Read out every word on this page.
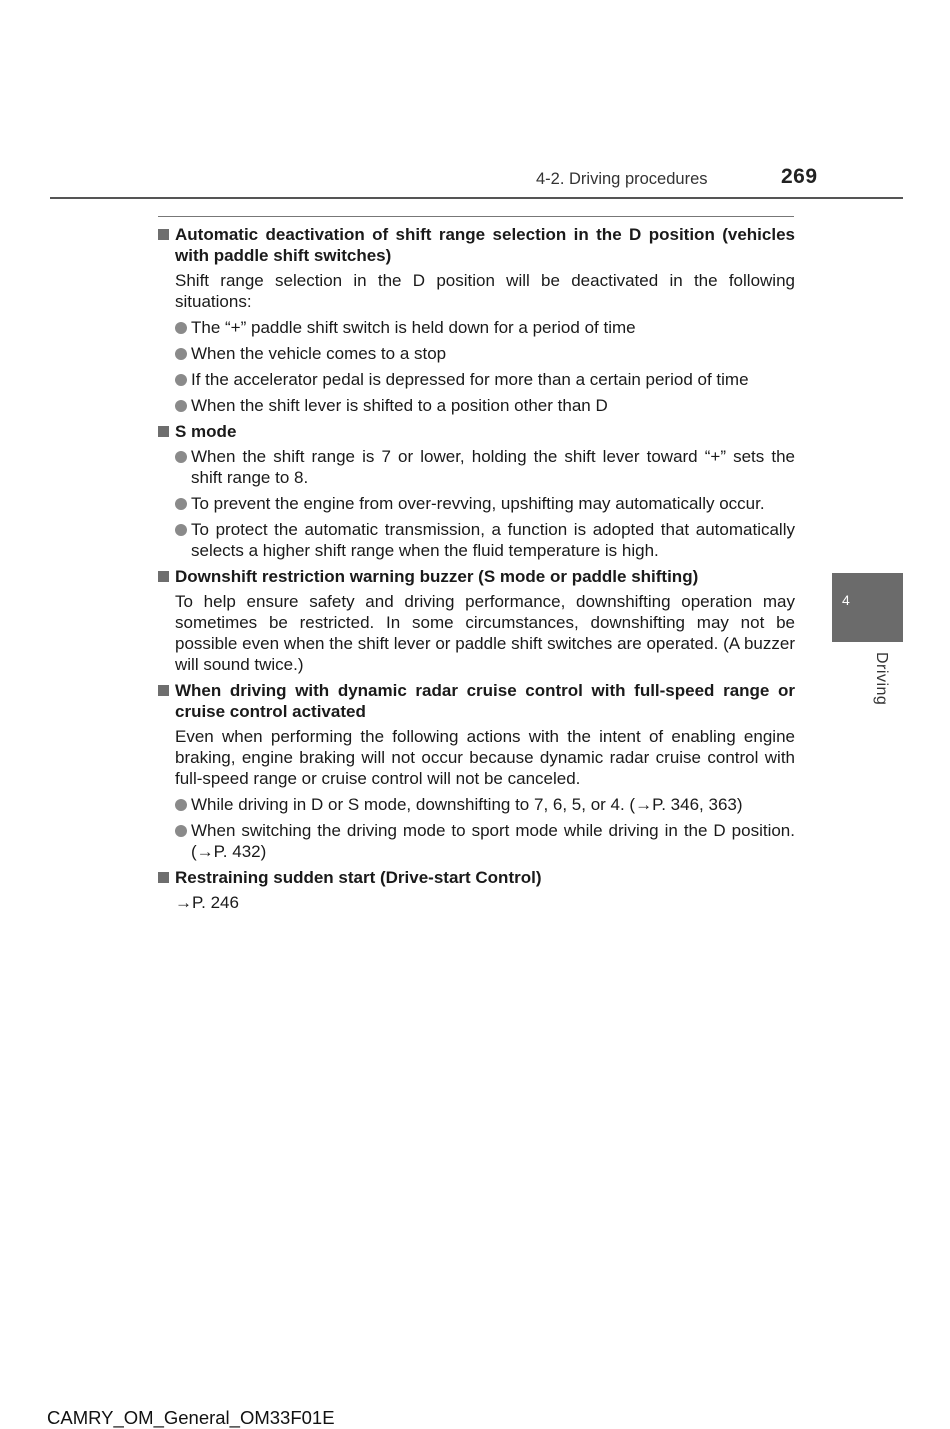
4-2. Driving procedures	269
Automatic deactivation of shift range selection in the D position (vehicles with paddle shift switches)
Shift range selection in the D position will be deactivated in the following situations:
The “+” paddle shift switch is held down for a period of time
When the vehicle comes to a stop
If the accelerator pedal is depressed for more than a certain period of time
When the shift lever is shifted to a position other than D
S mode
When the shift range is 7 or lower, holding the shift lever toward “+” sets the shift range to 8.
To prevent the engine from over-revving, upshifting may automatically occur.
To protect the automatic transmission, a function is adopted that automatically selects a higher shift range when the fluid temperature is high.
Downshift restriction warning buzzer (S mode or paddle shifting)
To help ensure safety and driving performance, downshifting operation may sometimes be restricted. In some circumstances, downshifting may not be possible even when the shift lever or paddle shift switches are operated. (A buzzer will sound twice.)
When driving with dynamic radar cruise control with full-speed range or cruise control activated
Even when performing the following actions with the intent of enabling engine braking, engine braking will not occur because dynamic radar cruise control with full-speed range or cruise control will not be canceled.
While driving in D or S mode, downshifting to 7, 6, 5, or 4. (→P. 346, 363)
When switching the driving mode to sport mode while driving in the D position. (→P. 432)
Restraining sudden start (Drive-start Control)
→P. 246
4
Driving
CAMRY_OM_General_OM33F01E
